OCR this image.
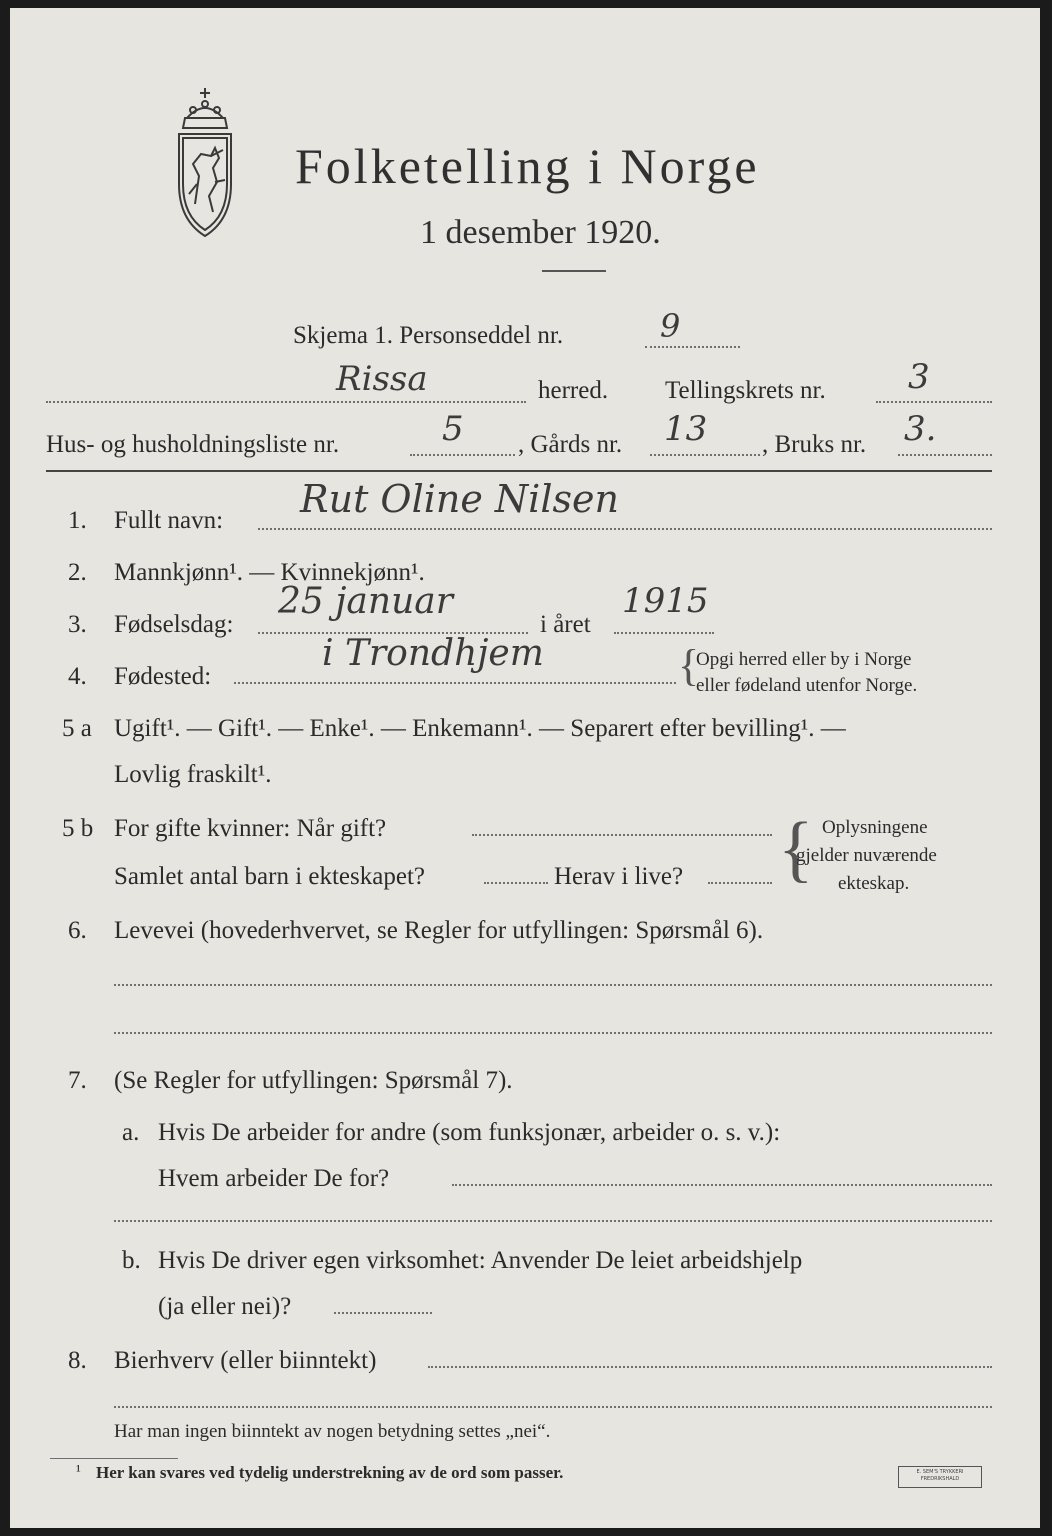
Folketelling i Norge
1 desember 1920.
Skjema 1. Personseddel nr.	9
Rissa	herred. Tellingskrets nr. 3
Hus- og husholdningsliste nr.	5 , Gårds nr. 13 , Bruks nr. 3.
1. Fullt navn: Rut Oline Nilsen
2. Mannkjønn¹. — Kvinnekjønn¹.
3. Fødselsdag:
25 januar
i året
1915
4. Fødested:
i Trondhjem	{
Opgi herred eller by i Norge
eller fødeland utenfor Norge.
5 a Ugift¹. — Gift¹. — Enke¹. — Enkemann¹. — Separert efter bevilling¹. —
Lovlig fraskilt¹.
5 b For gifte kvinner: Når gift?
Samlet antal barn i ekteskapet?	Herav i live? { Oplysningene
gjelder nuværende
ekteskap.
6. Levevei (hovederhvervet, se Regler for utfyllingen: Spørsmål 6).
7. (Se Regler for utfyllingen: Spørsmål 7).
a. Hvis De arbeider for andre (som funksjonær, arbeider o. s. v.):
Hvem arbeider De for?
b. Hvis De driver egen virksomhet: Anvender De leiet arbeidshjelp
(ja eller nei)?
8. Bierhverv (eller biinntekt)
Har man ingen biinntekt av nogen betydning settes „nei“.
¹ Her kan svares ved tydelig understrekning av de ord som passer.	E. SEM'S TRYKKERI
FREDRIKSHALD
